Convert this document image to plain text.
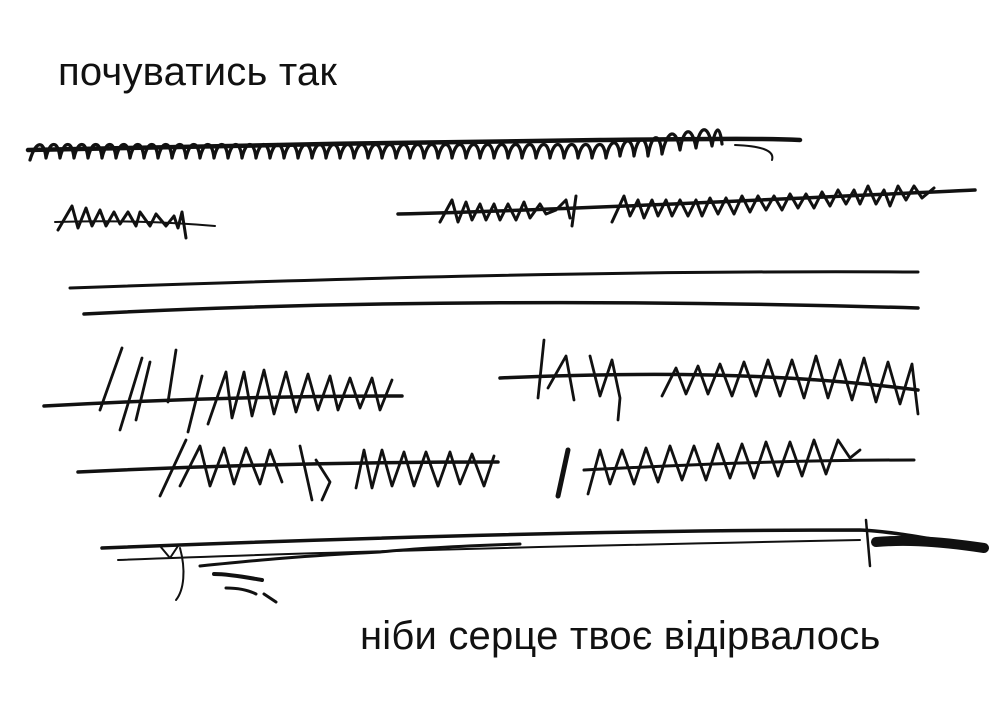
почуватись так
ніби серце твоє відірвалось
